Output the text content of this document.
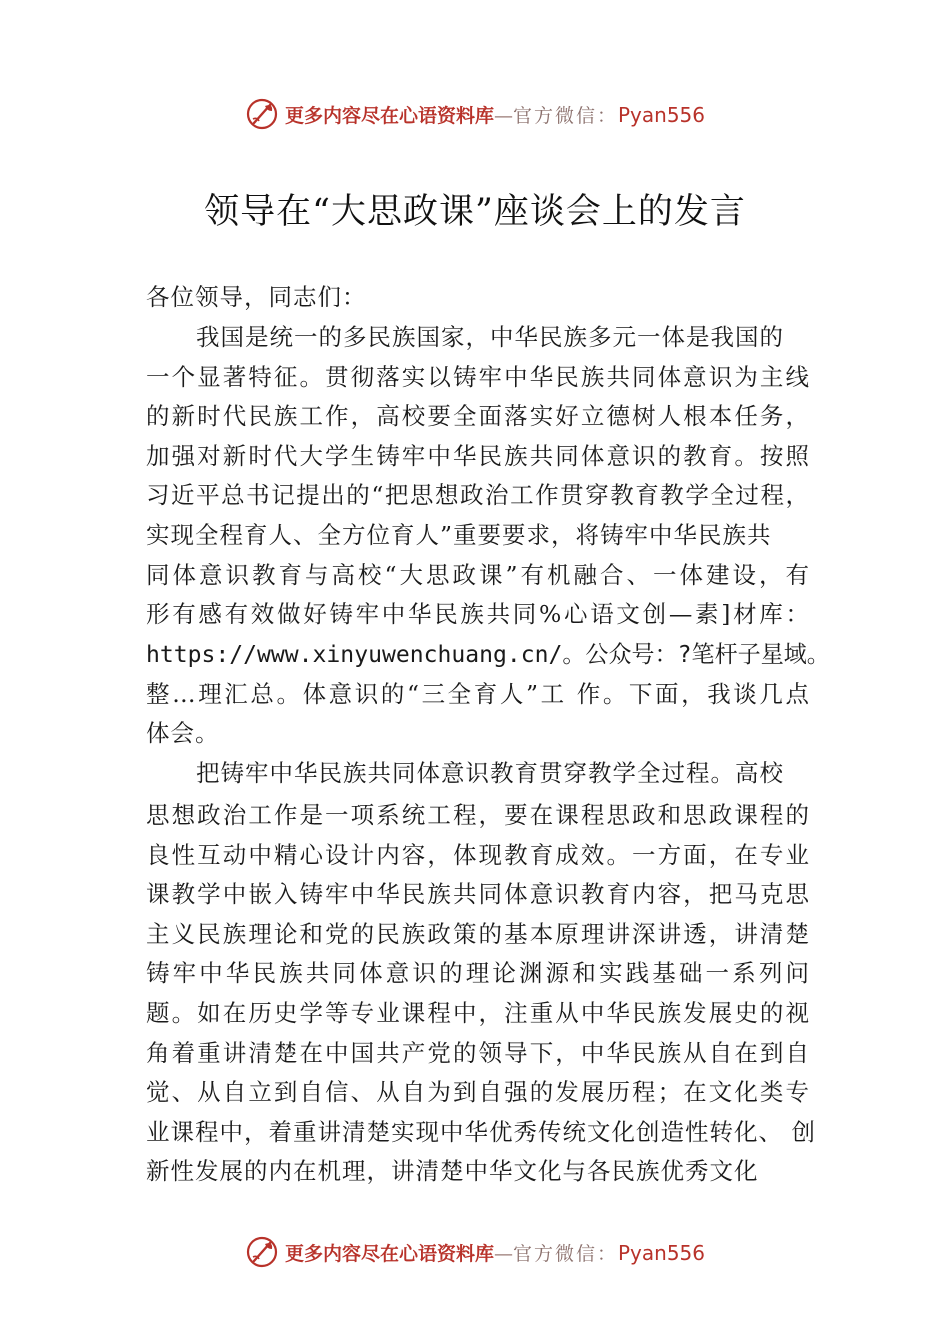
更多内容尽在心语资料库—官方微信：Pyan556
领导在“大思政课”座谈会上的发言
各位领导，同志们：
我国是统一的多民族国家，中华民族多元一体是我国的
一个显著特征。贯彻落实以铸牢中华民族共同体意识为主线
的新时代民族工作，高校要全面落实好立德树人根本任务，
加强对新时代大学生铸牢中华民族共同体意识的教育。按照
习近平总书记提出的“把思想政治工作贯穿教育教学全过程，
实现全程育人、全方位育人”重要要求，将铸牢中华民族共
同体意识教育与高校“大思政课”有机融合、一体建设，有
形有感有效做好铸牢中华民族共同%心语文创—素]材库：
https://www.xinyuwenchuang.cn/。公众号：?笔杆子星域。
整…理汇总。体意识的“三全育人”工 作。下面，我谈几点
体会。
把铸牢中华民族共同体意识教育贯穿教学全过程。高校
思想政治工作是一项系统工程，要在课程思政和思政课程的
良性互动中精心设计内容，体现教育成效。一方面，在专业
课教学中嵌入铸牢中华民族共同体意识教育内容，把马克思
主义民族理论和党的民族政策的基本原理讲深讲透，讲清楚
铸牢中华民族共同体意识的理论渊源和实践基础一系列问
题。如在历史学等专业课程中，注重从中华民族发展史的视
角着重讲清楚在中国共产党的领导下，中华民族从自在到自
觉、从自立到自信、从自为到自强的发展历程；在文化类专
业课程中，着重讲清楚实现中华优秀传统文化创造性转化、 创
新性发展的内在机理，讲清楚中华文化与各民族优秀文化
更多内容尽在心语资料库—官方微信：Pyan556
